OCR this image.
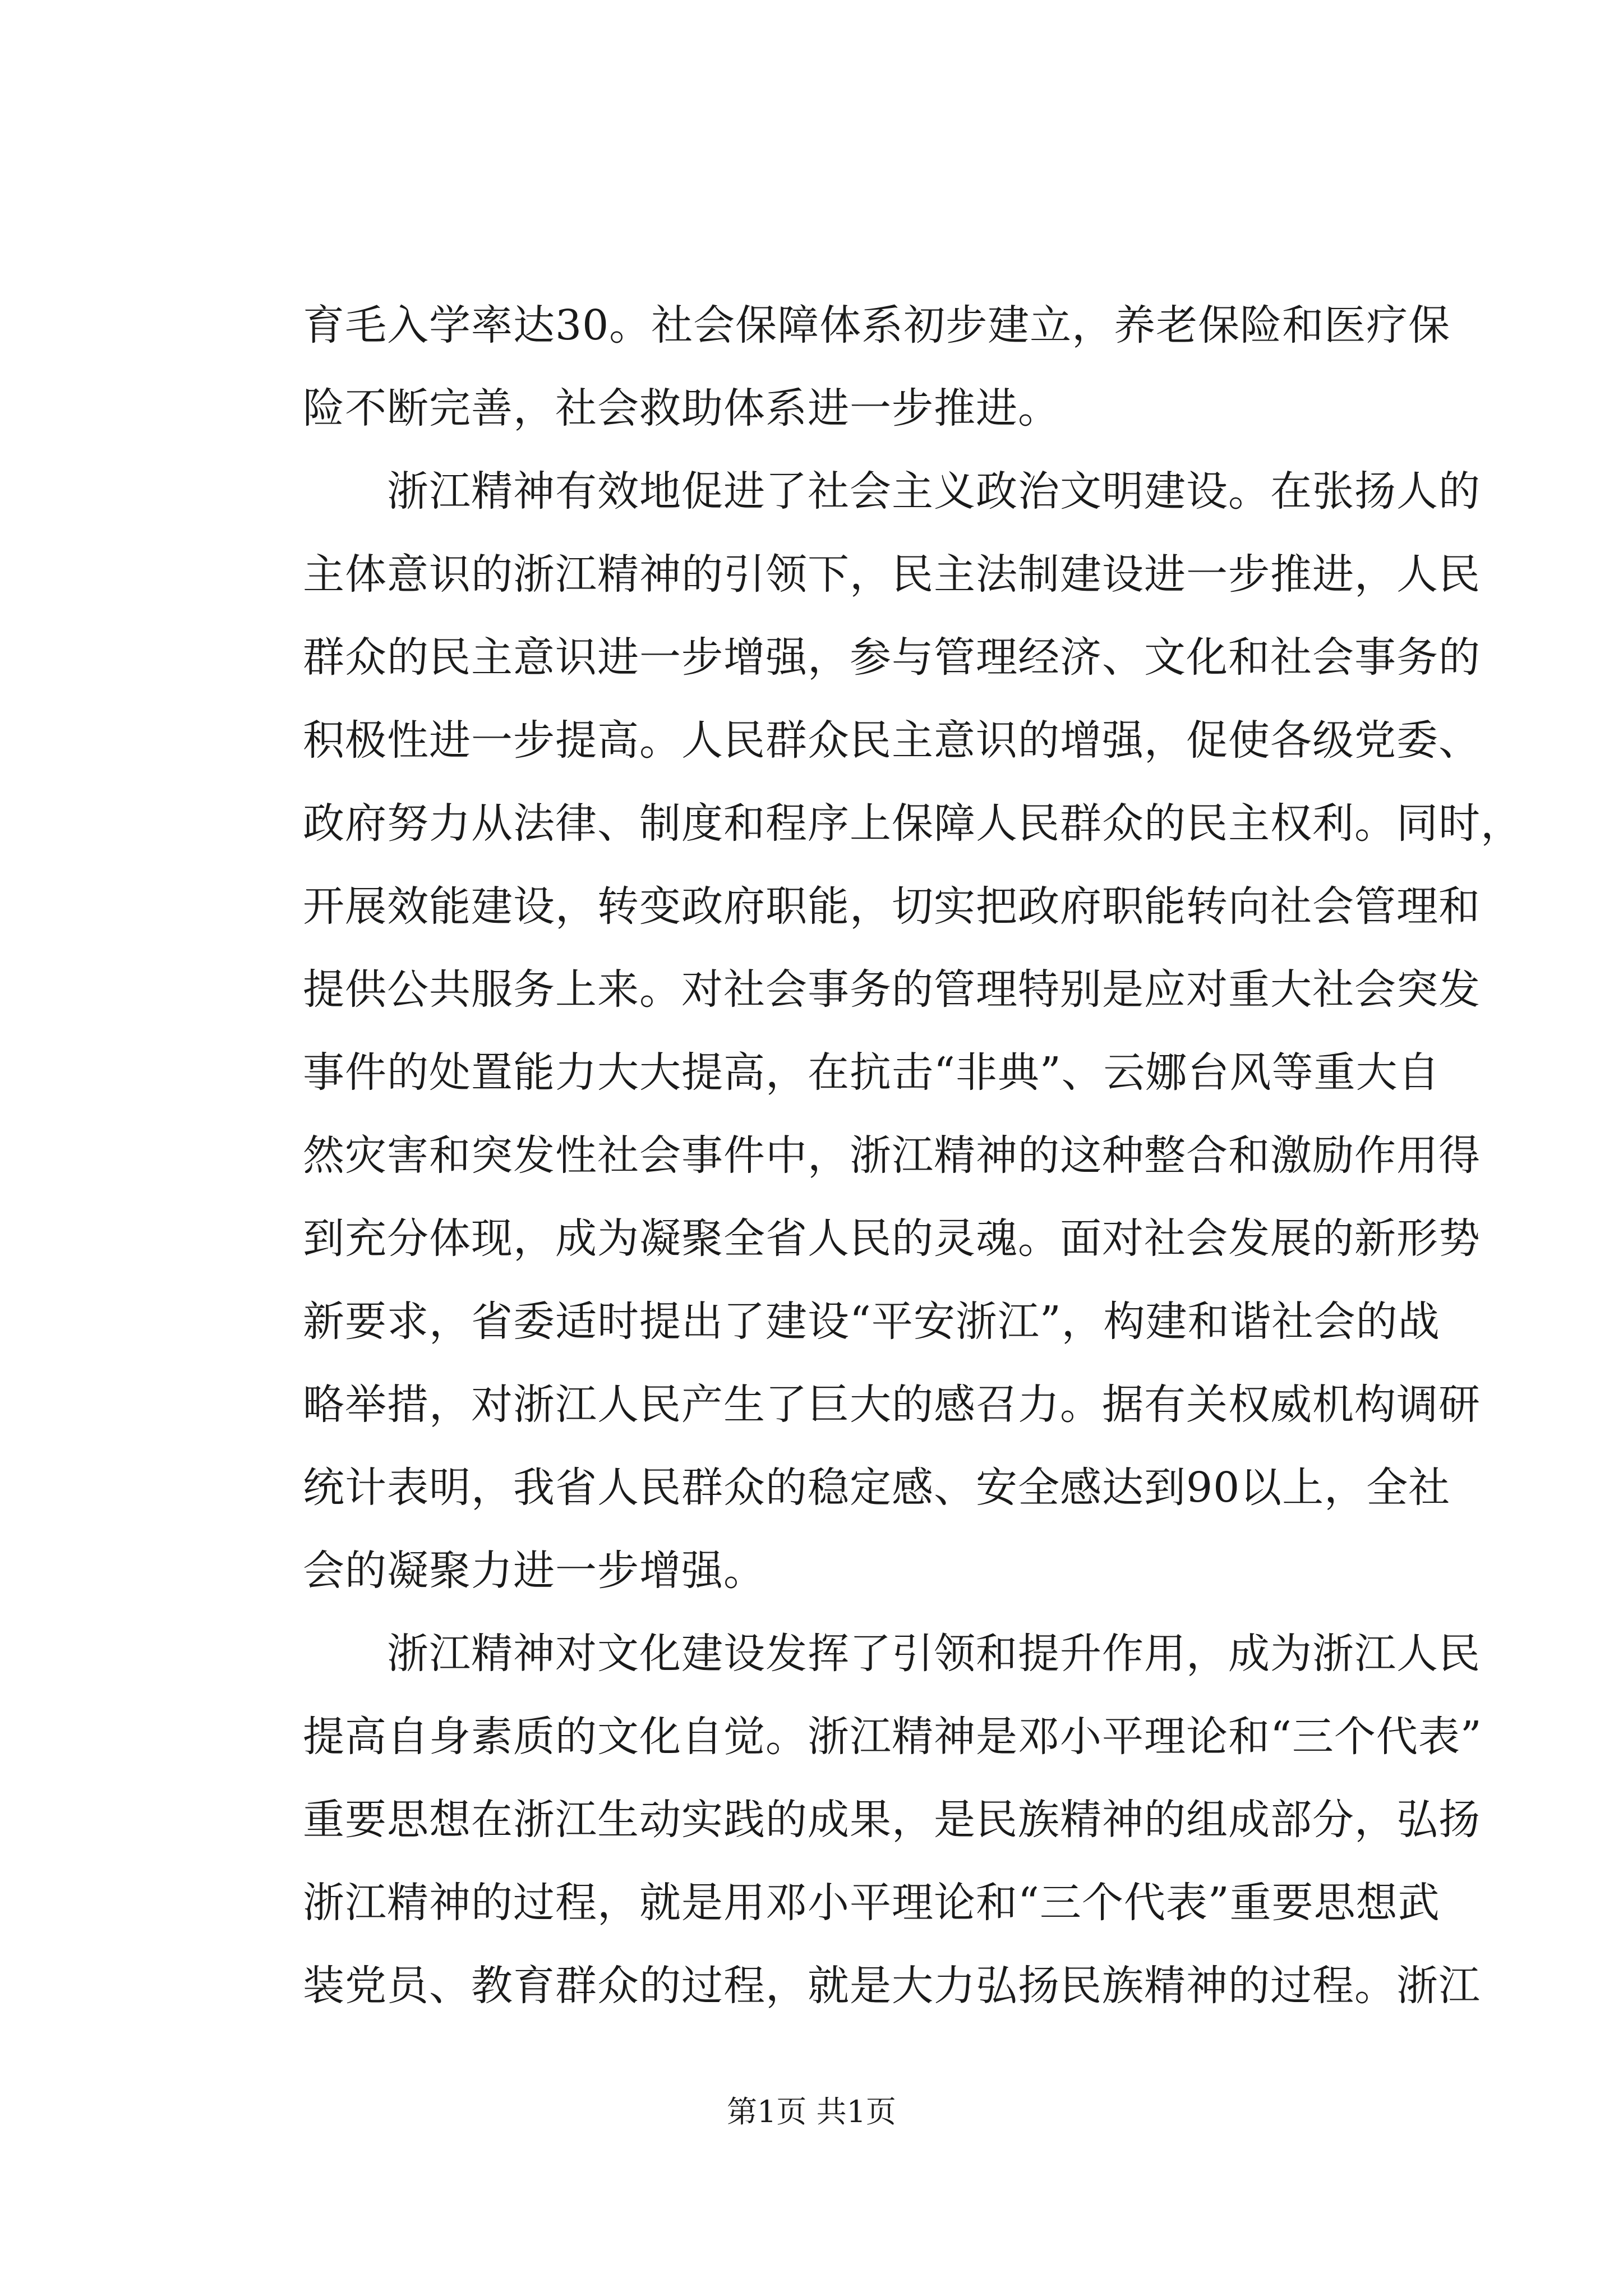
育毛入学率达30。社会保障体系初步建立，养老保险和医疗保
险不断完善，社会救助体系进一步推进。
　　浙江精神有效地促进了社会主义政治文明建设。在张扬人的
主体意识的浙江精神的引领下，民主法制建设进一步推进，人民
群众的民主意识进一步增强，参与管理经济、文化和社会事务的
积极性进一步提高。人民群众民主意识的增强，促使各级党委、
政府努力从法律、制度和程序上保障人民群众的民主权利。同时，
开展效能建设，转变政府职能，切实把政府职能转向社会管理和
提供公共服务上来。对社会事务的管理特别是应对重大社会突发
事件的处置能力大大提高，在抗击“非典”、云娜台风等重大自
然灾害和突发性社会事件中，浙江精神的这种整合和激励作用得
到充分体现，成为凝聚全省人民的灵魂。面对社会发展的新形势
新要求，省委适时提出了建设“平安浙江”，构建和谐社会的战
略举措，对浙江人民产生了巨大的感召力。据有关权威机构调研
统计表明，我省人民群众的稳定感、安全感达到90以上，全社
会的凝聚力进一步增强。
　　浙江精神对文化建设发挥了引领和提升作用，成为浙江人民
提高自身素质的文化自觉。浙江精神是邓小平理论和“三个代表”
重要思想在浙江生动实践的成果，是民族精神的组成部分，弘扬
浙江精神的过程，就是用邓小平理论和“三个代表”重要思想武
装党员、教育群众的过程，就是大力弘扬民族精神的过程。浙江
第1页 共1页
